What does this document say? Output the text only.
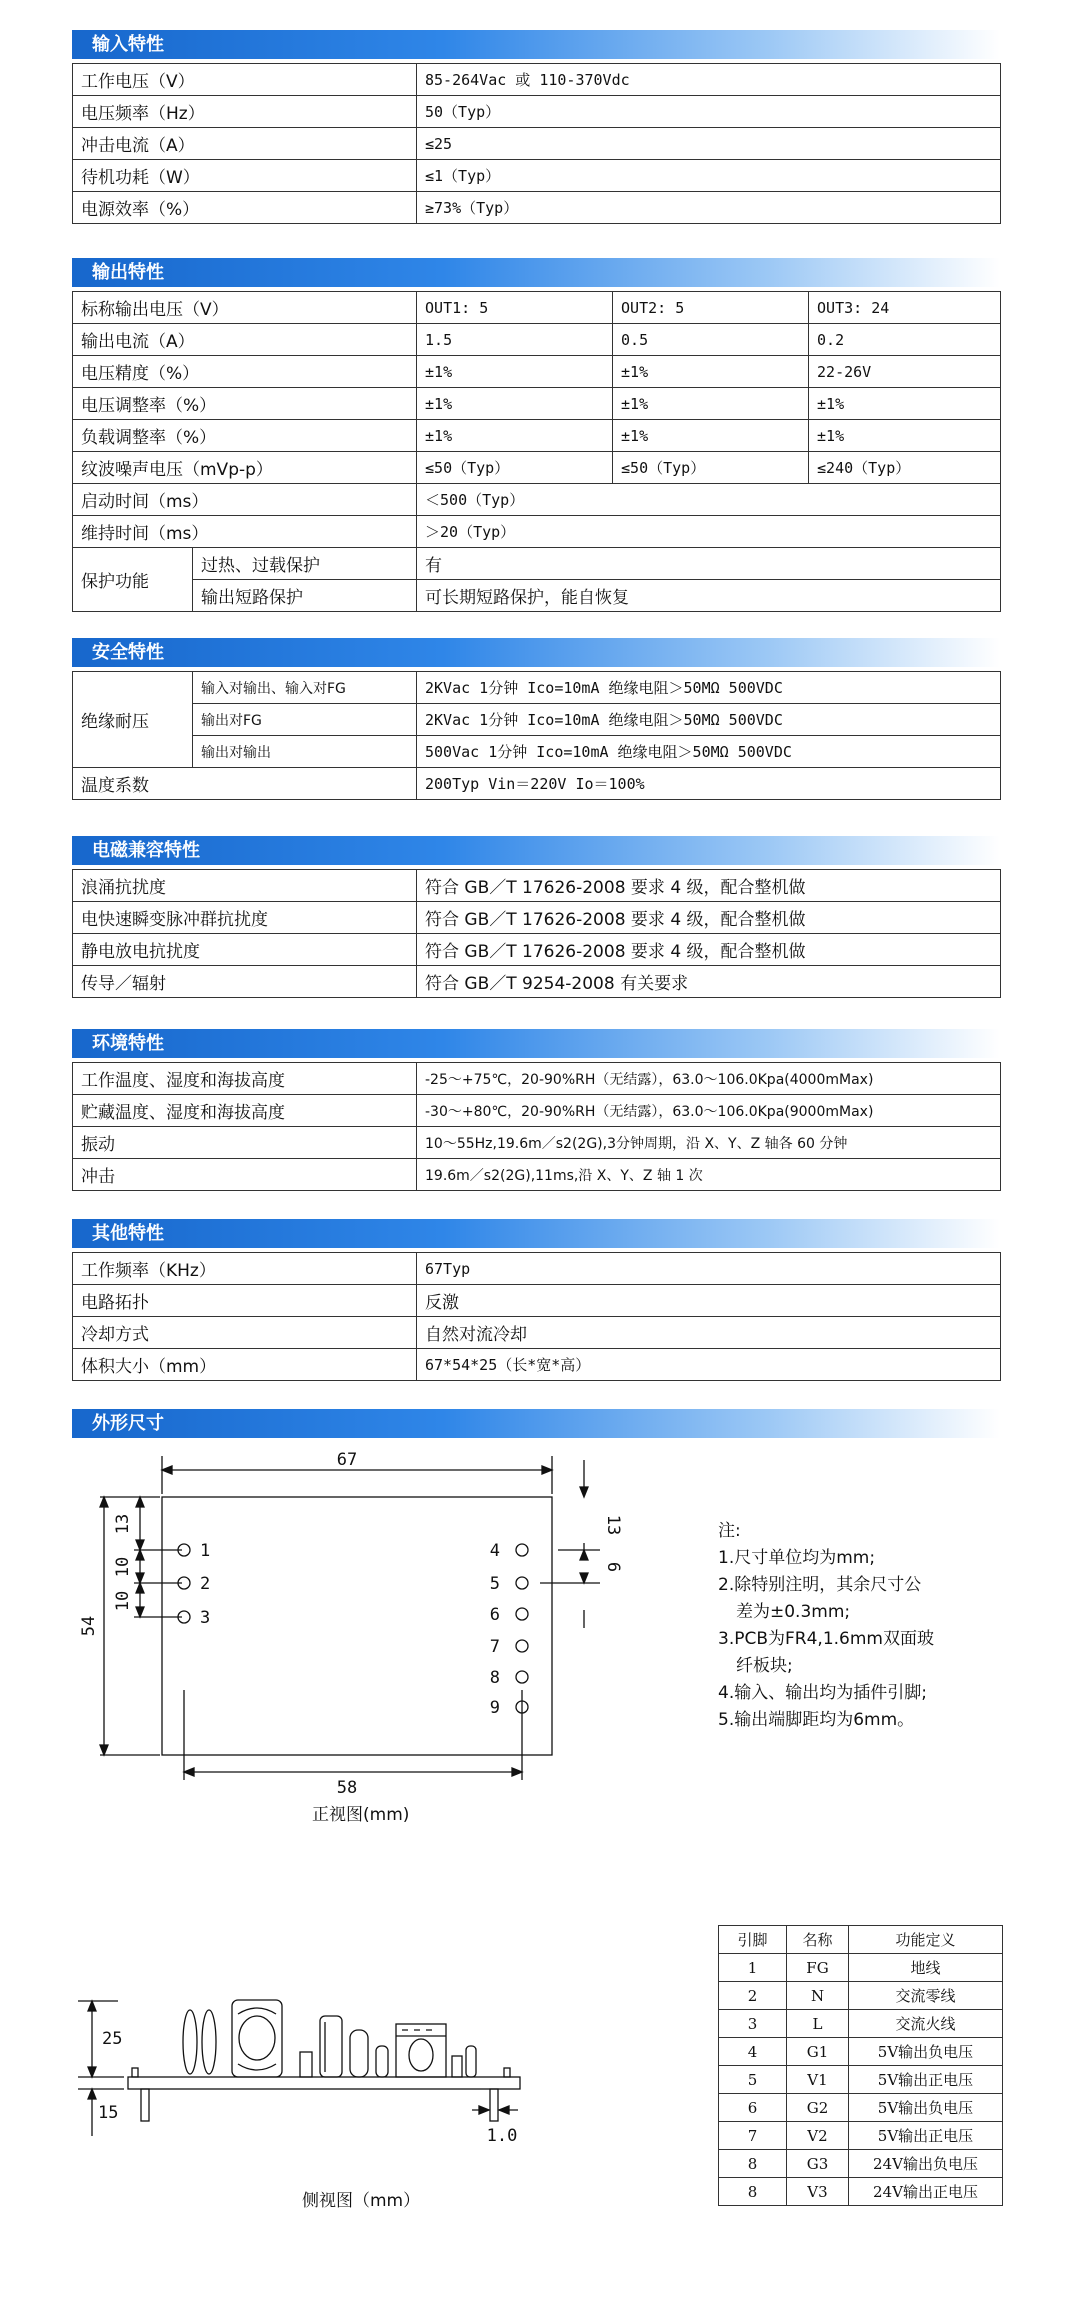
输入特性
工作电压（V）	85-264Vac 或 110-370Vdc
电压频率（Hz）	50（Typ）
冲击电流（A）	≤25
待机功耗（W）	≤1（Typ）
电源效率（%）	≥73%（Typ）
输出特性
标称输出电压（V）		OUT1: 5	OUT2: 5	OUT3: 24
输出电流（A）		1.5	0.5	0.2
电压精度（%）		±1%	±1%	22-26V
电压调整率（%）		±1%	±1%	±1%
负载调整率（%）		±1%	±1%	±1%
纹波噪声电压（mVp-p）		≤50（Typ）	≤50（Typ）	≤240（Typ）
启动时间（ms）		＜500（Typ）		
维持时间（ms）		＞20（Typ）		
保护功能	过热、过载保护	有		
	输出短路保护	可长期短路保护，能自恢复		
安全特性
绝缘耐压	输入对输出、输入对FG	2KVac 1分钟 Ico=10mA 绝缘电阻＞50MΩ 500VDC
	输出对FG	2KVac 1分钟 Ico=10mA 绝缘电阻＞50MΩ 500VDC
	输出对输出	500Vac 1分钟 Ico=10mA 绝缘电阻＞50MΩ 500VDC
温度系数		200Typ Vin＝220V Io＝100%
电磁兼容特性
浪涌抗扰度	符合 GB／T 17626-2008 要求 4 级，配合整机做
电快速瞬变脉冲群抗扰度	符合 GB／T 17626-2008 要求 4 级，配合整机做
静电放电抗扰度	符合 GB／T 17626-2008 要求 4 级，配合整机做
传导／辐射	符合 GB／T 9254-2008 有关要求
环境特性
工作温度、湿度和海拔高度	-25～+75℃，20-90%RH（无结露），63.0～106.0Kpa(4000mMax)
贮藏温度、湿度和海拔高度	-30～+80℃，20-90%RH（无结露），63.0～106.0Kpa(9000mMax)
振动	10～55Hz,19.6m／s2(2G),3分钟周期，沿 X、Y、Z 轴各 60 分钟
冲击	19.6m／s2(2G),11ms,沿 X、Y、Z 轴 1 次
其他特性
工作频率（KHz）	67Typ
电路拓扑	反激
冷却方式	自然对流冷却
体积大小（mm）	67*54*25（长*宽*高）
外形尺寸
67
58
54
13
10
10
13
6
1
2
3
4
5
6
7
8
9
正视图(mm)
注:
1.尺寸单位均为mm;
2.除特别注明，其余尺寸公
差为±0.3mm;
3.PCB为FR4,1.6mm双面玻
纤板块;
4.输入、输出均为插件引脚;
5.输出端脚距均为6mm。
25
15
1.0
侧视图（mm）
引脚	名称	功能定义
1	FG	地线
2	N	交流零线
3	L	交流火线
4	G1	5V输出负电压
5	V1	5V输出正电压
6	G2	5V输出负电压
7	V2	5V输出正电压
8	G3	24V输出负电压
8	V3	24V输出正电压
